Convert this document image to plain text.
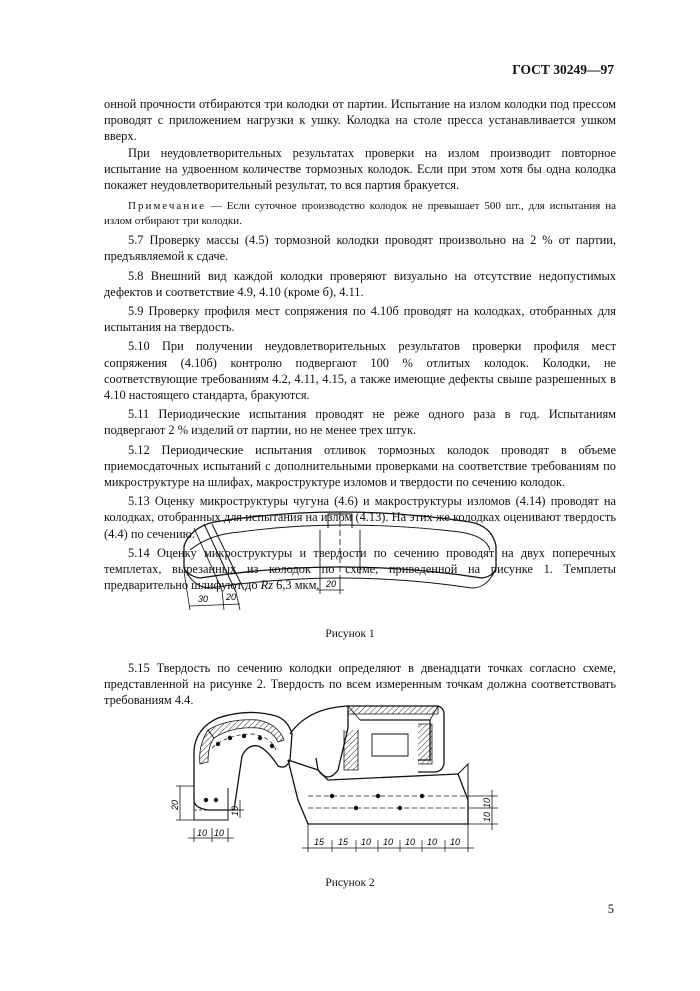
ГОСТ 30249—97

онной прочности отбираются три колодки от партии. Испытание на излом колодки под прессом проводят с приложением нагрузки к ушку. Колодка на столе пресса устанавливается ушком вверх.

При неудовлетворительных результатах проверки на излом производит повторное испытание на удвоенном количестве тормозных колодок. Если при этом хотя бы одна колодка покажет неудовлетворительный результат, то вся партия бракуется.

Примечание — Если суточное производство колодок не превышает 500 шт., для испытания на излом отбирают три колодки.

5.7 Проверку массы (4.5) тормозной колодки проводят произвольно на 2 % от партии, предъявляемой к сдаче.

5.8 Внешний вид каждой колодки проверяют визуально на отсутствие недопустимых дефектов и соответствие 4.9, 4.10 (кроме б), 4.11.

5.9 Проверку профиля мест сопряжения по 4.10б проводят на колодках, отобранных для испытания на твердость.

5.10 При получении неудовлетворительных результатов проверки профиля мест сопряжения (4.10б) контролю подвергают 100 % отлитых колодок. Колодки, не соответствующие требованиям 4.2, 4.11, 4.15, а также имеющие дефекты свыше разрешенных в 4.10 настоящего стандарта, бракуются.

5.11 Периодические испытания проводят не реже одного раза в год. Испытаниям подвергают 2 % изделий от партии, но не менее трех штук.

5.12 Периодические испытания отливок тормозных колодок проводят в объеме приемосдаточных испытаний с дополнительными проверками на соответствие требованиям по микроструктуре на шлифах, макроструктуре изломов и твердости по сечению колодок.

5.13 Оценку микроструктуры чугуна (4.6) и макроструктуры изломов (4.14) проводят на колодках, отобранных для испытания на излом (4.13). На этих же колодках оценивают твердость (4.4) по сечению.

5.14 Оценку микроструктуры и твердости по сечению проводят на двух поперечных темплетах, вырезанных из колодок по схеме, приведенной на рисунке 1. Темплеты предварительно шлифуют до Rz 6,3 мкм.

30 20
20
Рисунок 1

5.15 Твердость по сечению колодки определяют в двенадцати точках согласно схеме, представленной на рисунке 2. Твердость по всем измеренным точкам должна соответствовать требованиям 4.4.

20
10 10
10
10
10
15 15 10 10 10 10 10
Рисунок 2
5
